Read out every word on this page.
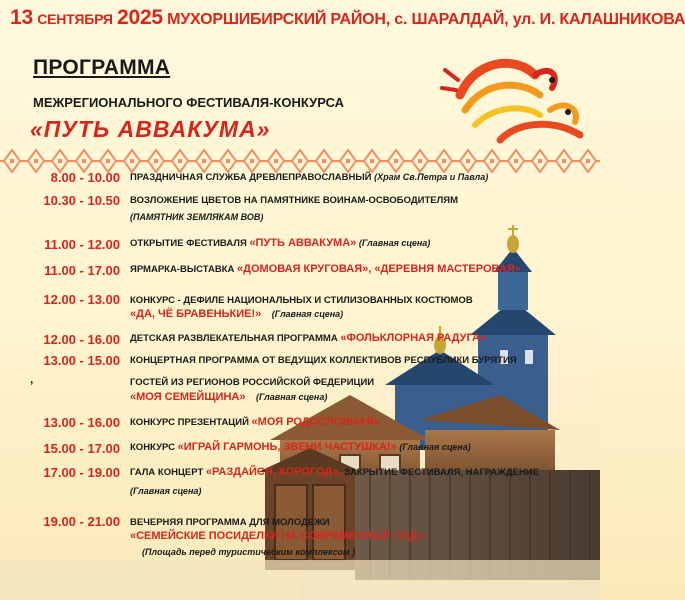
13 СЕНТЯБРЯ 2025 МУХОРШИБИРСКИЙ РАЙОН, с. ШАРАЛДАЙ, ул. И. КАЛАШНИКОВА
ПРОГРАММА
МЕЖРЕГИОНАЛЬНОГО ФЕСТИВАЛЯ-КОНКУРСА
«ПУТЬ АВВАКУМА»
8.00 - 10.00 ПРАЗДНИЧНАЯ СЛУЖБА ДРЕВЛЕПРАВОСЛАВНЫЙ (Храм Св.Петра и Павла)
10.30 - 10.50 ВОЗЛОЖЕНИЕ ЦВЕТОВ НА ПАМЯТНИКЕ ВОИНАМ-ОСВОБОДИТЕЛЯМ
(ПАМЯТНИК ЗЕМЛЯКАМ ВОВ)
11.00 - 12.00 ОТКРЫТИЕ ФЕСТИВАЛЯ «ПУТЬ АВВАКУМА» (Главная сцена)
11.00 - 17.00 ЯРМАРКА-ВЫСТАВКА «ДОМОВАЯ КРУГОВАЯ», «ДЕРЕВНЯ МАСТЕРОВАЯ»
12.00 - 13.00 КОНКУРС - ДЕФИЛЕ НАЦИОНАЛЬНЫХ И СТИЛИЗОВАННЫХ КОСТЮМОВ
«ДА, ЧЁ БРАВЕНЬКИЕ!» (Главная сцена)
12.00 - 16.00 ДЕТСКАЯ РАЗВЛЕКАТЕЛЬНАЯ ПРОГРАММА «ФОЛЬКЛОРНАЯ РАДУГА»
13.00 - 15.00 КОНЦЕРТНАЯ ПРОГРАММА ОТ ВЕДУЩИХ КОЛЛЕКТИВОВ РЕСПУБЛИКИ БУРЯТИЯ
,	ГОСТЕЙ ИЗ РЕГИОНОВ РОССИЙСКОЙ ФЕДЕРИЦИИ
«МОЯ СЕМЕЙЩИНА» (Главная сцена)
13.00 - 16.00 КОНКУРС ПРЕЗЕНТАЦИЙ «МОЯ РОДОСЛОВНАЯ»
15.00 - 17.00 КОНКУРС «ИГРАЙ ГАРМОНЬ, ЗВЕНИ ЧАСТУШКА!» (Главная сцена)
17.00 - 19.00 ГАЛА КОНЦЕРТ «РАЗДАЙСЯ, КОРОГОД», ЗАКРЫТИЕ ФЕСТИВАЛЯ, НАГРАЖДЕНИЕ
(Главная сцена)
19.00 - 21.00 ВЕЧЕРНЯЯ ПРОГРАММА ДЛЯ МОЛОДЕЖИ
«СЕМЕЙСКИЕ ПОСИДЕЛКИ НА СОВРЕМЕННЫЙ ЛАД!»
(Площадь перед туристическим комплексом )
